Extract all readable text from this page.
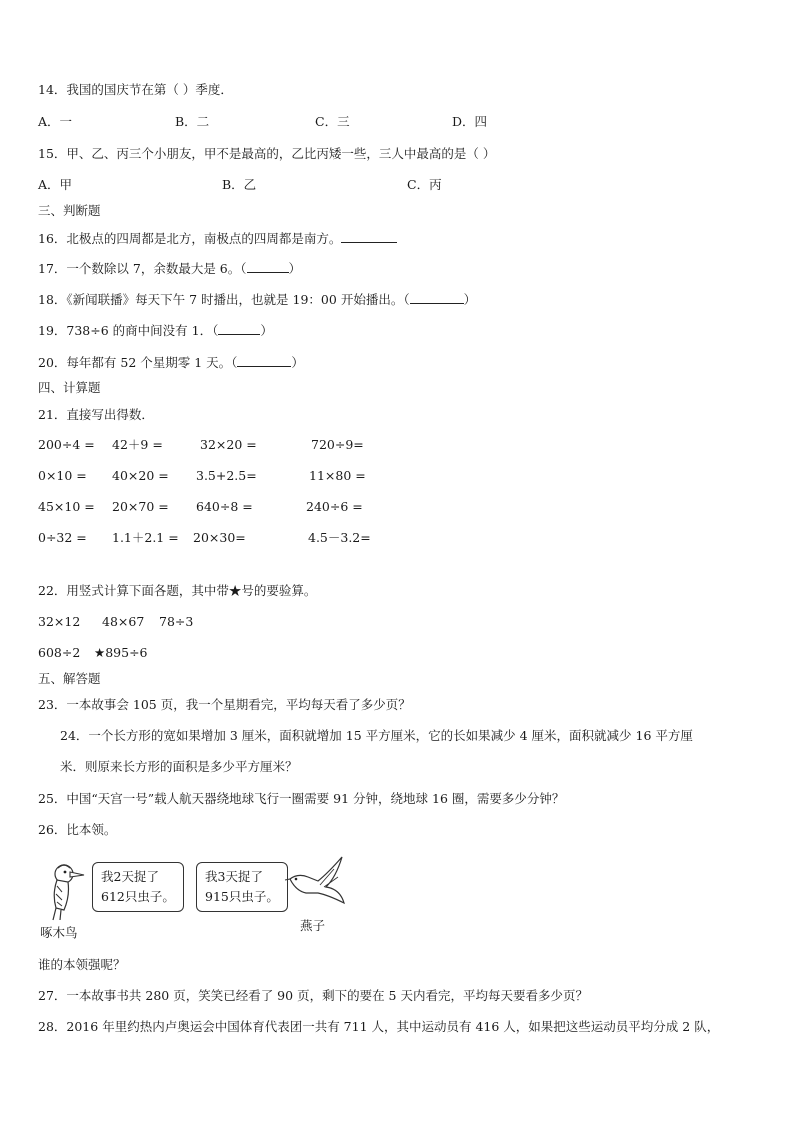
14．我国的国庆节在第（ ）季度．
A．一	B．二	C．三	D．四
15．甲、乙、丙三个小朋友，甲不是最高的，乙比丙矮一些，三人中最高的是（ ）
A．甲	B．乙	C．丙
三、判断题
16．北极点的四周都是北方，南极点的四周都是南方。
17．一个数除以 7，余数最大是 6。（	）
18．《新闻联播》每天下午 7 时播出，也就是 19：00 开始播出。（	）
19．738÷6 的商中间没有 1．（	）
20．每年都有 52 个星期零 1 天。（	）
四、计算题
21．直接写出得数．
200÷4 = 42＋9 =	32×20 =	720÷9=
0×10 = 40×20 = 3.5+2.5=	11×80 =
45×10 = 20×70 = 640÷8 =	240÷6 =
0÷32 = 1.1＋2.1 = 20×30=	4.5－3.2=
22．用竖式计算下面各题，其中带★号的要验算。
32×12 48×67 78÷3
608÷2 ★895÷6
五、解答题
23．一本故事会 105 页，我一个星期看完，平均每天看了多少页？
24．一个长方形的宽如果增加 3 厘米，面积就增加 15 平方厘米，它的长如果减少 4 厘米，面积就减少 16 平方厘
米．则原来长方形的面积是多少平方厘米？
25．中国“天宫一号”载人航天器绕地球飞行一圈需要 91 分钟，绕地球 16 圈，需要多少分钟？
26．比本领。
我2天捉了
612只虫子。
我3天捉了
915只虫子。
啄木鸟	燕子
谁的本领强呢？
27．一本故事书共 280 页，笑笑已经看了 90 页，剩下的要在 5 天内看完，平均每天要看多少页？
28．2016 年里约热内卢奥运会中国体育代表团一共有 711 人，其中运动员有 416 人，如果把这些运动员平均分成 2 队，
